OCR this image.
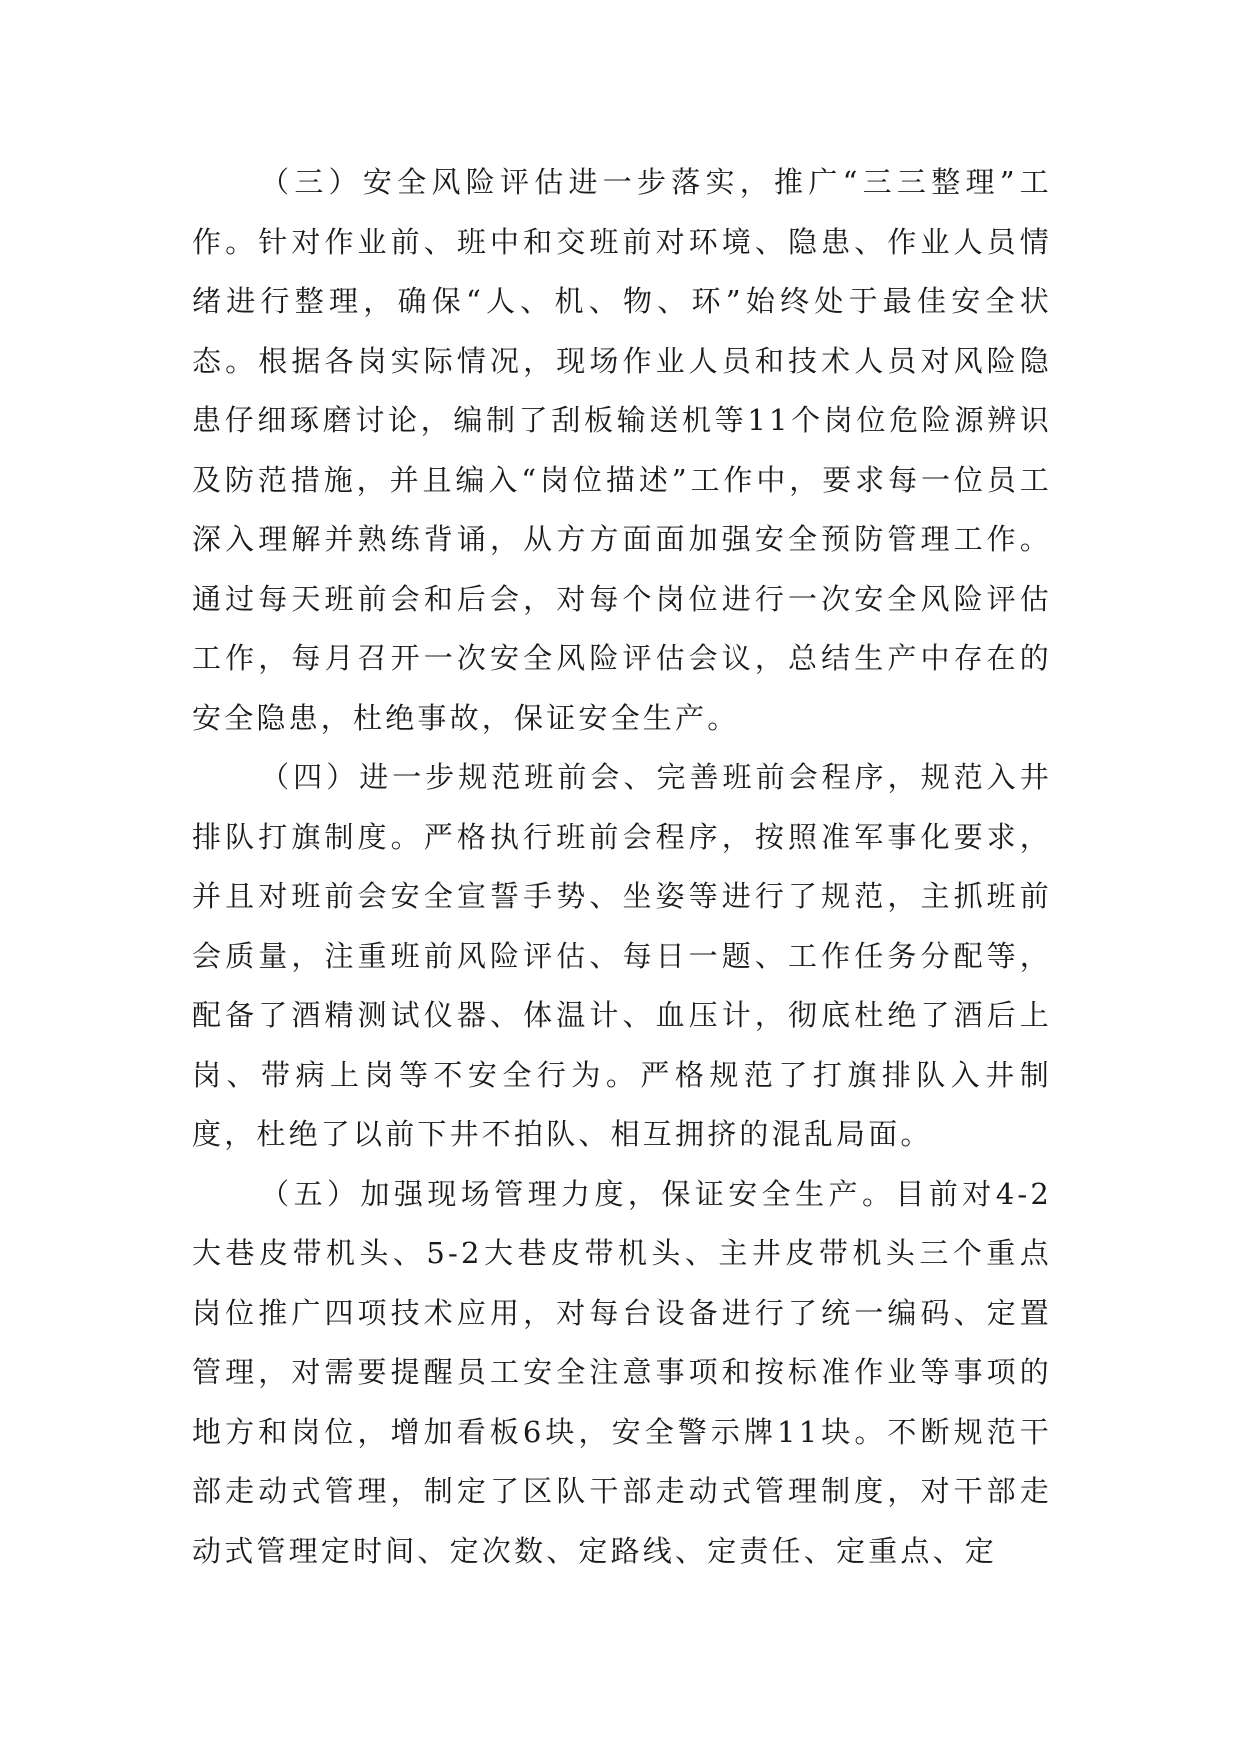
（三）安全风险评估进一步落实，推广“三三整理”工作。针对作业前、班中和交班前对环境、隐患、作业人员情绪进行整理，确保“人、机、物、环”始终处于最佳安全状态。根据各岗实际情况，现场作业人员和技术人员对风险隐患仔细琢磨讨论，编制了刮板输送机等11个岗位危险源辨识及防范措施，并且编入“岗位描述”工作中，要求每一位员工深入理解并熟练背诵，从方方面面加强安全预防管理工作。通过每天班前会和后会，对每个岗位进行一次安全风险评估工作，每月召开一次安全风险评估会议，总结生产中存在的安全隐患，杜绝事故，保证安全生产。

（四）进一步规范班前会、完善班前会程序，规范入井排队打旗制度。严格执行班前会程序，按照准军事化要求，并且对班前会安全宣誓手势、坐姿等进行了规范，主抓班前会质量，注重班前风险评估、每日一题、工作任务分配等，配备了酒精测试仪器、体温计、血压计，彻底杜绝了酒后上岗、带病上岗等不安全行为。严格规范了打旗排队入井制度，杜绝了以前下井不拍队、相互拥挤的混乱局面。

（五）加强现场管理力度，保证安全生产。目前对4-2大巷皮带机头、5-2大巷皮带机头、主井皮带机头三个重点岗位推广四项技术应用，对每台设备进行了统一编码、定置管理，对需要提醒员工安全注意事项和按标准作业等事项的地方和岗位，增加看板6块，安全警示牌11块。不断规范干部走动式管理，制定了区队干部走动式管理制度，对干部走动式管理定时间、定次数、定路线、定责任、定重点、定
